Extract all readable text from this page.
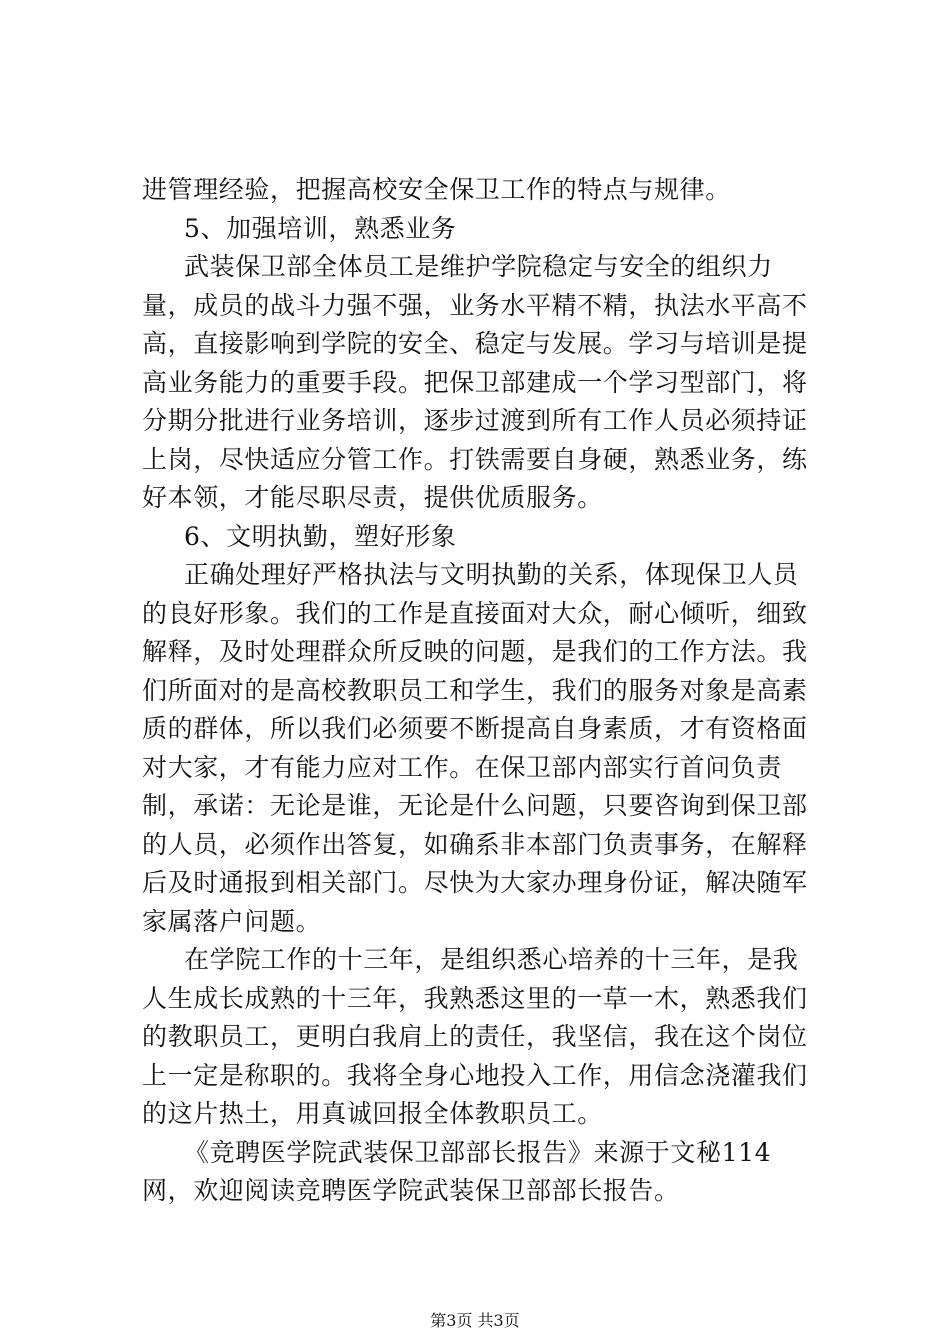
进管理经验，把握高校安全保卫工作的特点与规律。

5、加强培训，熟悉业务

武装保卫部全体员工是维护学院稳定与安全的组织力量，成员的战斗力强不强，业务水平精不精，执法水平高不高，直接影响到学院的安全、稳定与发展。学习与培训是提高业务能力的重要手段。把保卫部建成一个学习型部门，将分期分批进行业务培训，逐步过渡到所有工作人员必须持证上岗，尽快适应分管工作。打铁需要自身硬，熟悉业务，练好本领，才能尽职尽责，提供优质服务。

6、文明执勤，塑好形象

正确处理好严格执法与文明执勤的关系，体现保卫人员的良好形象。我们的工作是直接面对大众，耐心倾听，细致解释，及时处理群众所反映的问题，是我们的工作方法。我们所面对的是高校教职员工和学生，我们的服务对象是高素质的群体，所以我们必须要不断提高自身素质，才有资格面对大家，才有能力应对工作。在保卫部内部实行首问负责制，承诺：无论是谁，无论是什么问题，只要咨询到保卫部的人员，必须作出答复，如确系非本部门负责事务，在解释后及时通报到相关部门。尽快为大家办理身份证，解决随军家属落户问题。

在学院工作的十三年，是组织悉心培养的十三年，是我人生成长成熟的十三年，我熟悉这里的一草一木，熟悉我们的教职员工，更明白我肩上的责任，我坚信，我在这个岗位上一定是称职的。我将全身心地投入工作，用信念浇灌我们的这片热土，用真诚回报全体教职员工。

《竞聘医学院武装保卫部部长报告》来源于文秘114网，欢迎阅读竞聘医学院武装保卫部部长报告。

第3页 共3页
